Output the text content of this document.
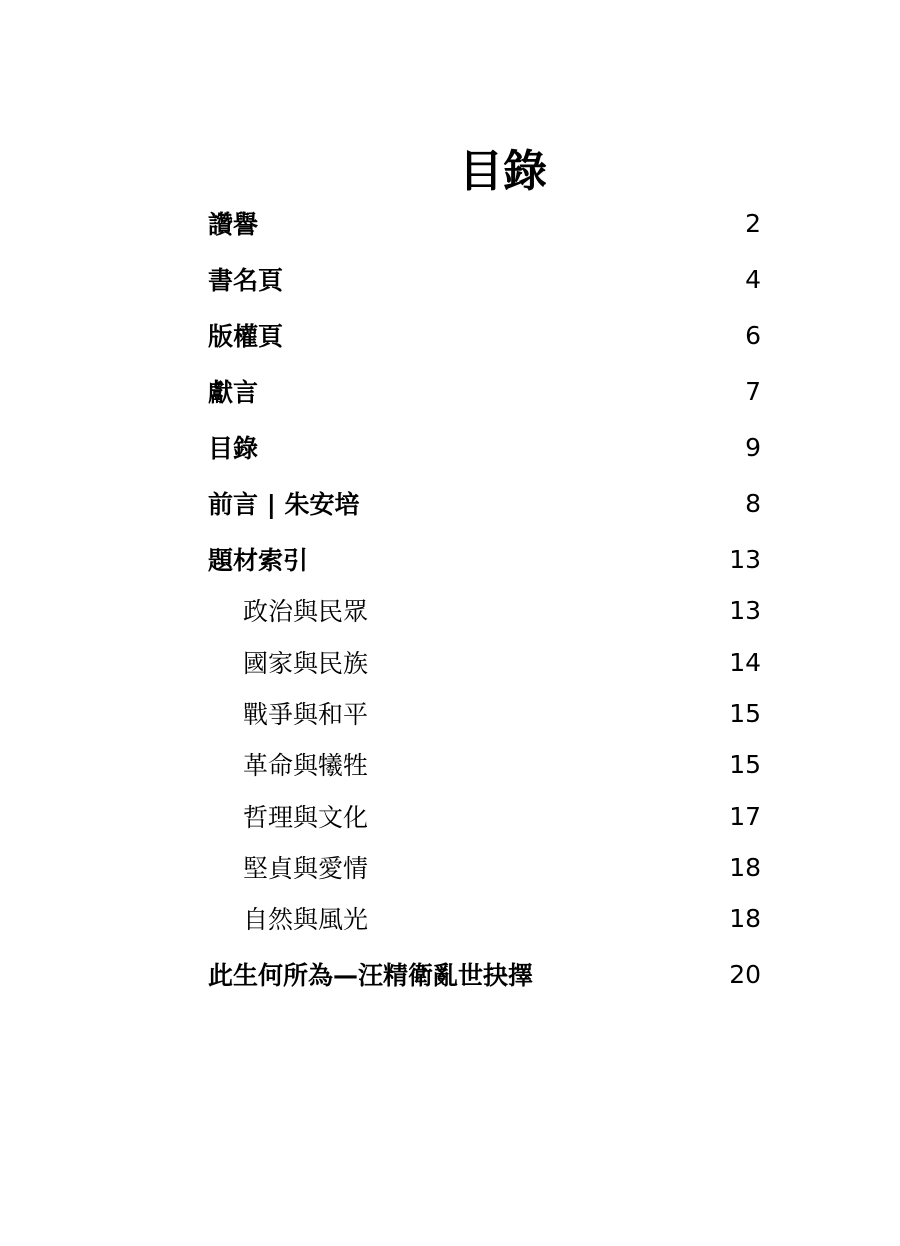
目錄
讚譽	2
書名頁	4
版權頁	6
獻言	7
目錄	9
前言 | 朱安培	8
題材索引	13
政治與民眾	13
國家與民族	14
戰爭與和平	15
革命與犧牲	15
哲理與文化	17
堅貞與愛情	18
自然與風光	18
此生何所為—汪精衛亂世抉擇	20
